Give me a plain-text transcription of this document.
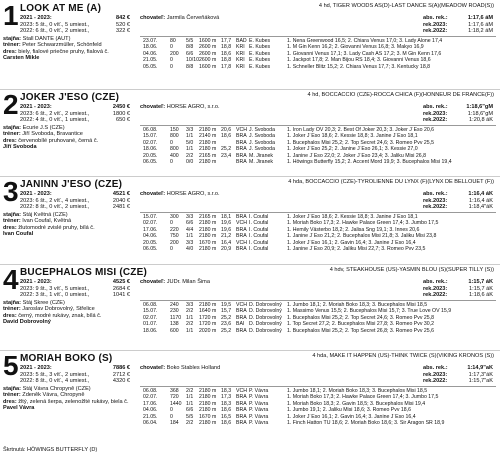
1 LOOK AT ME (A)	4 hd, TIGER WOODS AS(D)-LAST DANCE S(A)(MEADOW ROAD(S))
2021 - 2023:	842 €
2023: 5 št., 0 víť., 5 umiest.,	520 €
2022: 6 št., 0 víť., 2 umiest.,	322 €
chovateľ: Jarmila Červeňáková	abs. rek.:	1:17,6 áM
rek.2023:	1:17,6 áM
rek.2022:	1:18,2 áM
stajňa: Stall DANTE (AUT)
tréner: Peter Schwarzmüller, Schönfeld
dres: biely, fialové priečne pruhy, fialová č.
Carsten Mikle
23.07.	80	5/5	1600 m	17,7	BAD	E. Kubes	1. Nena Greenwood 16,5; 2. Chiara Venus 17,0; 3. Lady Alone 17,4
18.06.	0	8/8	2600 m	18,8	KRI	E. Kubes	1. M Gin Kenn 16,2; 2. Giovanni Venus 16,8; 3. Makyo 16,9
04.06.	200	6/6	2600 m	18,6	KRI	E. Kubes	1. Giovanni Venus 17,1; 3. Lady Cash AS 17,2; 3. M Gin Kenn 17,6
21.05.	0	10/10	2600 m	18,8	KRI	E. Kubes	1. Jackpot 17,8; 2. Man Bijou RS 18,4; 3. Giovanni Venus 18,6
05.05.	0	8/8	1600 m	17,8	KRI	E. Kubes	1. Schneller Blitz 15,2; 2. Chiara Venus 17,7; 3. Kentucky 18,8
2 JOKER J'ESO (CZE)	4 hd, BOCCACCIO (CZE)-ROCCA CHICA (F)(HONNEUR DE FRANCE(F))
2021 - 2023:	2450 €
2023: 6 št., 2 víť., 2 umiest.,	1800 €
2022: 4 št., 0 víť., 1 umiest.,	650 €
chovateľ: HORSE AGRO, s.r.o.	abs. rek.:	1:18,6"gM
rek.2023:	1:18,6"gM
rek.2022:	1:20,8 áK
stajňa: Ecurie J.S (CZE)
tréner: Jiří Svoboda, Bravantice
dres: červenobílé pruhované, černá č.
Jiří Svoboda
06.08.	150	3/3	2180 m	20,6	VCH	J. Svoboda	1. Iron Lady OV 20,3; 2. Best Of Joker 20,3; 3. Joker J´Eso 20,6
15.07.	800	1/1	2140 m	18,6	BRA	J. Svoboda	1. Joker J´Eso 18,6; 2. Kessie 18,8; 3. Janine J´Eso 18,1
02.07.	0	5/0	2180 m		BRA	J. Svoboda	1. Bucephalos Misi 25,2; 2. Top Secret 24,6; 3. Romeo Pvv 25,5
18.06.	800	1/1	2180 m	25,2	BRA	J. Svoboda	1. Joker J´Eso 25,2; 2. Janine J´Eso 26,1; 3. Kessie 27,0
20.05.	400	2/2	2165 m	23,4	BRA	M. Jiranek	1. Janine J´Eso 22,0; 2. Joker J´Eso 23,4; 3. Jaliku Misi 26,8
06.05.	0	0/0	2180 m		BRA	M. Jiranek	1. Höwings Butterfly 15,2; 2. Accent Mord 19,9; 3. Bucephalos Misi 19,4
3 JANINN J'ESO (CZE)	4 hda, BOCCACCIO (CZE)-TYROLIENNE DU LYNX (F)(LYNX DE BELLOUET (F))
2021 - 2023:	4521 €
2023: 6 št., 2 víť., 4 umiest.,	2040 €
2022: 8 št., 0 víť., 2 umiest.,	2481 €
chovateľ: HORSE AGRO, s.r.o.	abs. rek.:	1:16,4 áK
rek.2023:	1:16,4 áK
rek.2022:	1:18,4"áK
stajňa: Stáj Květná (CZE)
tréner: Ivan Coufal, Květná
dres: žlutomodré zvislé pruhy, bílá č.
Ivan Coufal
15.07.	300	3/3	2165 m	18,1	BRA	I. Coufal	1. Joker J´Eso 18,6; 2. Kessie 18,8; 3. Janine J´Eso 18,1
02.07.	0	6/6	2180 m	19,6	VCH	I. Coufal	1. Moriah Boko 17,3; 2. Hawke Palace Green 17,4; 3. Jumbo 17,5
17.06.	220	4/4	2180 m	19,6	BRA	I. Coufal	1. Hemily Västerbo 18,2; 2. Jalisa Sng 19,1; 3. Innes 20,6
04.06.	750	1/1	2180 m	21,2	BRA	I. Coufal	1. Janine J´Eso 21,2; 2. Bucephalos Misi 21,8; 3. Jaliku Misi 23,8
20.05.	200	3/3	1670 m	16,4	VCH	I. Coufal	1. Joker J´Eso 16,1; 2. Gavin 16,4; 3. Janine J´Eso 16,4
06.05.	0	4/0	2180 m	20,9	BRA	I. Coufal	1. Janine J´Eso 20,9; 2. Jaliku Misi 22,7; 3. Romeo Pvv 23,5
4 BUCEPHALOS MISI (CZE)	4 hdv, STEAKHOUSE (US)-YASMIN BLOU (S)(SUPER TILLY (S))
2021 - 2023:	4525 €
2023: 9 št., 3 víť., 5 umiest.,	2684 €
2022: 3 št., 1 víť., 0 umiest.,	1041 €
chovateľ: JUDr. Milan Šima	abs. rek.:	1:15,7 áK
rek.2023:	1:15,7 áK
rek.2022:	1:18,6 áK
stajňa: Stáj Skree (CZE)
tréner: Jaroslav Dobrovolný, Střelice
dres: černý, modré rukávy, znak, bílá č.
David Dobrovolný
06.08.	240	3/3	2180 m	19,5	VCH	D. Dobrovolný	1. Jumbo 18,1; 2. Moriah Boko 18,3; 3. Bucephalos Misi 18,5
15.07.	230	2/2	1640 m	15,7	BRA	D. Dobrovolný	1. Massimo Venus 15,5; 2. Bucephalos Misi 15,7; 3. True Love OV 15,9
02.07.	1170	1/1	1720 m	25,2	BRA	D. Dobrovolný	1. Bucephalos Misi 25,2; 2. Top Secret 24,6; 3. Romeo Pvv 25,8
01.07.	138	2/2	1720 m	23,6	BAI	D. Dobrovolný	1. Top Secret 27,2; 2. Bucephalos Misi 27,8; 3. Romeo Pvv 30,2
18.06.	600	1/1	2020 m	25,2	BRA	D. Dobrovolný	1. Bucephalos Misi 25,2; 2. Top Secret 26,8; 3. Romeo Pvv 25,6
5 MORIAH BOKO (S)	4 hda, MAKE IT HAPPEN (US)-THINK TWICE (S)(VIKING KRONOS (S))
2021 - 2023:	7886 €
2023: 5 št., 3 víť., 2 umiest.,	2712 €
2022: 8 št., 0 víť., 4 umiest.,	4320 €
chovateľ: Boko Stables Holland	abs. rek.:	1:14,9"aK
rek.2023:	1:17,3"áK
rek.2022:	1:15,7"aK
stajňa: Stáj Vávra Chropyně (CZE)
tréner: Zdeněk Vávra, Chropyně
dres: žltý, zelená šerpa, zelenožlté rukávy, biela č.
Pavel Vávra
06.08.	368	2/2	2180 m	18,3	VCH	P. Vávra	1. Jumbo 18,1; 2. Moriah Boko 18,3; 3. Bucephalos Misi 18,5
02.07.	720	1/1	2180 m	17,3	BRA	P. Vávra	1. Moriah Boko 17,3; 2. Hawke Palace Green 17,4; 3. Jumbo 17,5
17.06.	1440	1/1	2180 m	18,3	BRA	P. Vávra	1. Moriah Boko 18,3; 2. Gavin 18,5; 3. Bucephalos Misi 19,4
04.06.	0	6/6	2180 m	18,6	BRA	P. Vávra	1. Jumbo 19,1; 2. Jaliku Misi 18,6; 3. Romeo Pvv 18,6
21.05.	0	5/5	1670 m	16,5	BRA	P. Vávra	1. Joker J´Eso 16,1; 2. Gavin 16,4; 3. Janine J´Eso 16,4
06.04.	184	2/2	2180 m	18,6	BRA	P. Vávra	1. Finch Hatton TU 18,6; 2. Moriah Boko 18,6; 3. Sir Aragon SR 18,9
Škrtnutá: HÖWINGS BUTTERFLY (D)
